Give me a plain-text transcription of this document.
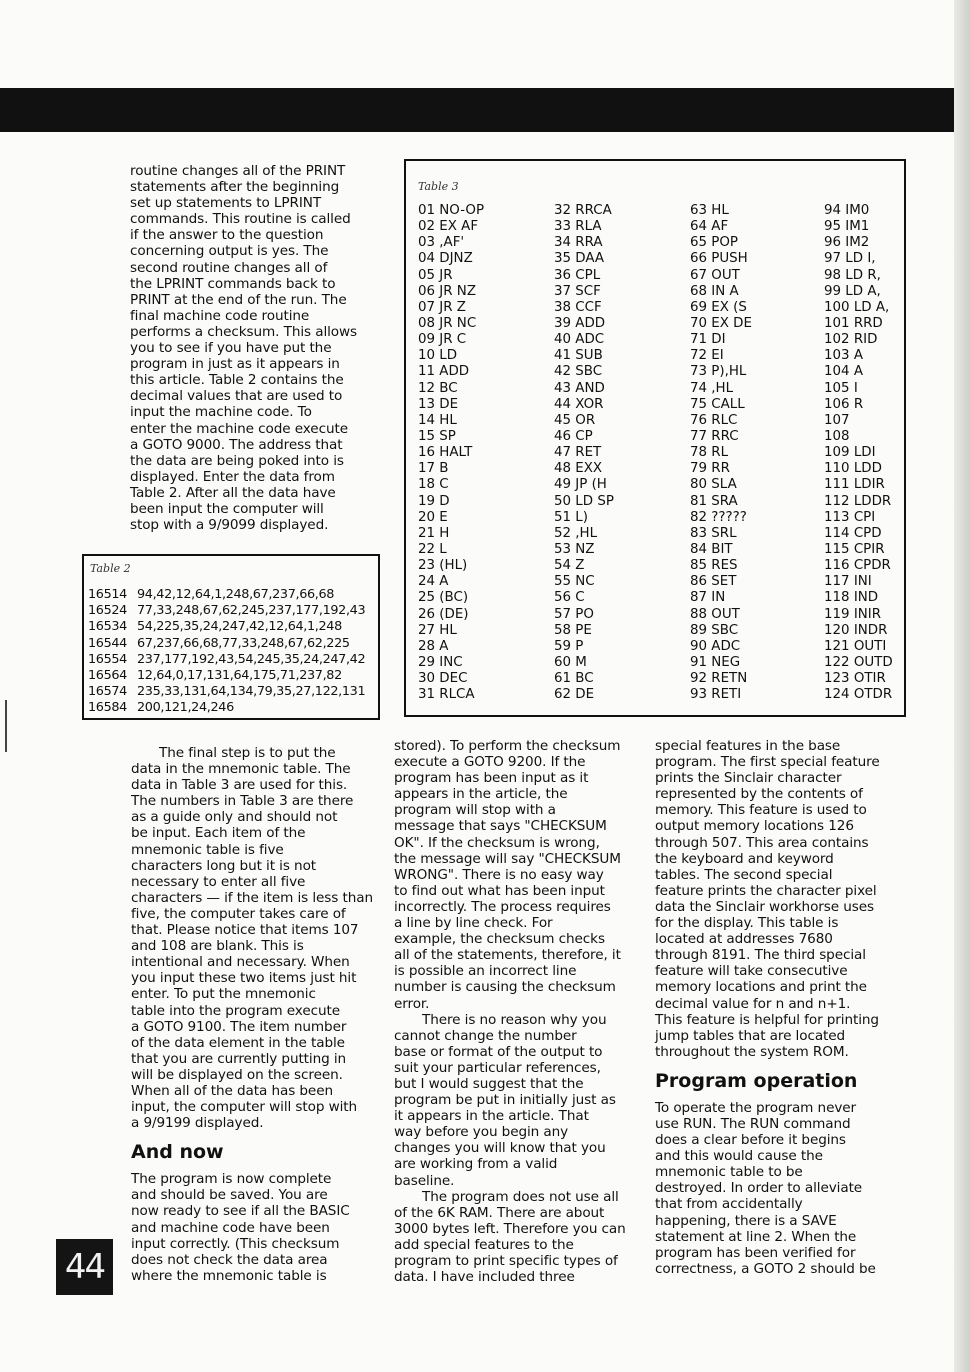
routine changes all of the PRINT
statements after the beginning
set up statements to LPRINT
commands. This routine is called
if the answer to the question
concerning output is yes. The
second routine changes all of
the LPRINT commands back to
PRINT at the end of the run. The
final machine code routine
performs a checksum. This allows
you to see if you have put the
program in just as it appears in
this article. Table 2 contains the
decimal values that are used to
input the machine code. To
enter the machine code execute
a GOTO 9000. The address that
the data are being poked into is
displayed. Enter the data from
Table 2. After all the data have
been input the computer will
stop with a 9/9099 displayed.

Table 2
16514 94,42,12,64,1,248,67,237,66,68
16524 77,33,248,67,62,245,237,177,192,43
16534 54,225,35,24,247,42,12,64,1,248
16544 67,237,66,68,77,33,248,67,62,225
16554 237,177,192,43,54,245,35,24,247,42
16564 12,64,0,17,131,64,175,71,237,82
16574 235,33,131,64,134,79,35,27,122,131
16584 200,121,24,246
Table 3
01 NO-OP
02 EX AF
03 ,AF'
04 DJNZ
05 JR
06 JR NZ
07 JR Z
08 JR NC
09 JR C
10 LD
11 ADD
12 BC
13 DE
14 HL
15 SP
16 HALT
17 B
18 C
19 D
20 E
21 H
22 L
23 (HL)
24 A
25 (BC)
26 (DE)
27 HL
28 A
29 INC
30 DEC
31 RLCA
32 RRCA
33 RLA
34 RRA
35 DAA
36 CPL
37 SCF
38 CCF
39 ADD
40 ADC
41 SUB
42 SBC
43 AND
44 XOR
45 OR
46 CP
47 RET
48 EXX
49 JP (H
50 LD SP
51 L)
52 ,HL
53 NZ
54 Z
55 NC
56 C
57 PO
58 PE
59 P
60 M
61 BC
62 DE
63 HL
64 AF
65 POP
66 PUSH
67 OUT
68 IN A
69 EX (S
70 EX DE
71 DI
72 EI
73 P),HL
74 ,HL
75 CALL
76 RLC
77 RRC
78 RL
79 RR
80 SLA
81 SRA
82 ?????
83 SRL
84 BIT
85 RES
86 SET
87 IN
88 OUT
89 SBC
90 ADC
91 NEG
92 RETN
93 RETI
94 IM0
95 IM1
96 IM2
97 LD I,
98 LD R,
99 LD A,
100 LD A,
101 RRD
102 RID
103 A
104 A
105 I
106 R
107
108
109 LDI
110 LDD
111 LDIR
112 LDDR
113 CPI
114 CPD
115 CPIR
116 CPDR
117 INI
118 IND
119 INIR
120 INDR
121 OUTI
122 OUTD
123 OTIR
124 OTDR

The final step is to put the
data in the mnemonic table. The
data in Table 3 are used for this.
The numbers in Table 3 are there
as a guide only and should not
be input. Each item of the
mnemonic table is five
characters long but it is not
necessary to enter all five
characters — if the item is less than
five, the computer takes care of
that. Please notice that items 107
and 108 are blank. This is
intentional and necessary. When
you input these two items just hit
enter. To put the mnemonic
table into the program execute
a GOTO 9100. The item number
of the data element in the table
that you are currently putting in
will be displayed on the screen.
When all of the data has been
input, the computer will stop with
a 9/9199 displayed.

And now

The program is now complete
and should be saved. You are
now ready to see if all the BASIC
and machine code have been
input correctly. (This checksum
does not check the data area
where the mnemonic table is

stored). To perform the checksum
execute a GOTO 9200. If the
program has been input as it
appears in the article, the
program will stop with a
message that says "CHECKSUM
OK". If the checksum is wrong,
the message will say "CHECKSUM
WRONG". There is no easy way
to find out what has been input
incorrectly. The process requires
a line by line check. For
example, the checksum checks
all of the statements, therefore, it
is possible an incorrect line
number is causing the checksum
error.

There is no reason why you
cannot change the number
base or format of the output to
suit your particular references,
but I would suggest that the
program be put in initially just as
it appears in the article. That
way before you begin any
changes you will know that you
are working from a valid
baseline.

The program does not use all
of the 6K RAM. There are about
3000 bytes left. Therefore you can
add special features to the
program to print specific types of
data. I have included three

special features in the base
program. The first special feature
prints the Sinclair character
represented by the contents of
memory. This feature is used to
output memory locations 126
through 507. This area contains
the keyboard and keyword
tables. The second special
feature prints the character pixel
data the Sinclair workhorse uses
for the display. This table is
located at addresses 7680
through 8191. The third special
feature will take consecutive
memory locations and print the
decimal value for n and n+1.
This feature is helpful for printing
jump tables that are located
throughout the system ROM.

Program operation

To operate the program never
use RUN. The RUN command
does a clear before it begins
and this would cause the
mnemonic table to be
destroyed. In order to alleviate
that from accidentally
happening, there is a SAVE
statement at line 2. When the
program has been verified for
correctness, a GOTO 2 should be

44
